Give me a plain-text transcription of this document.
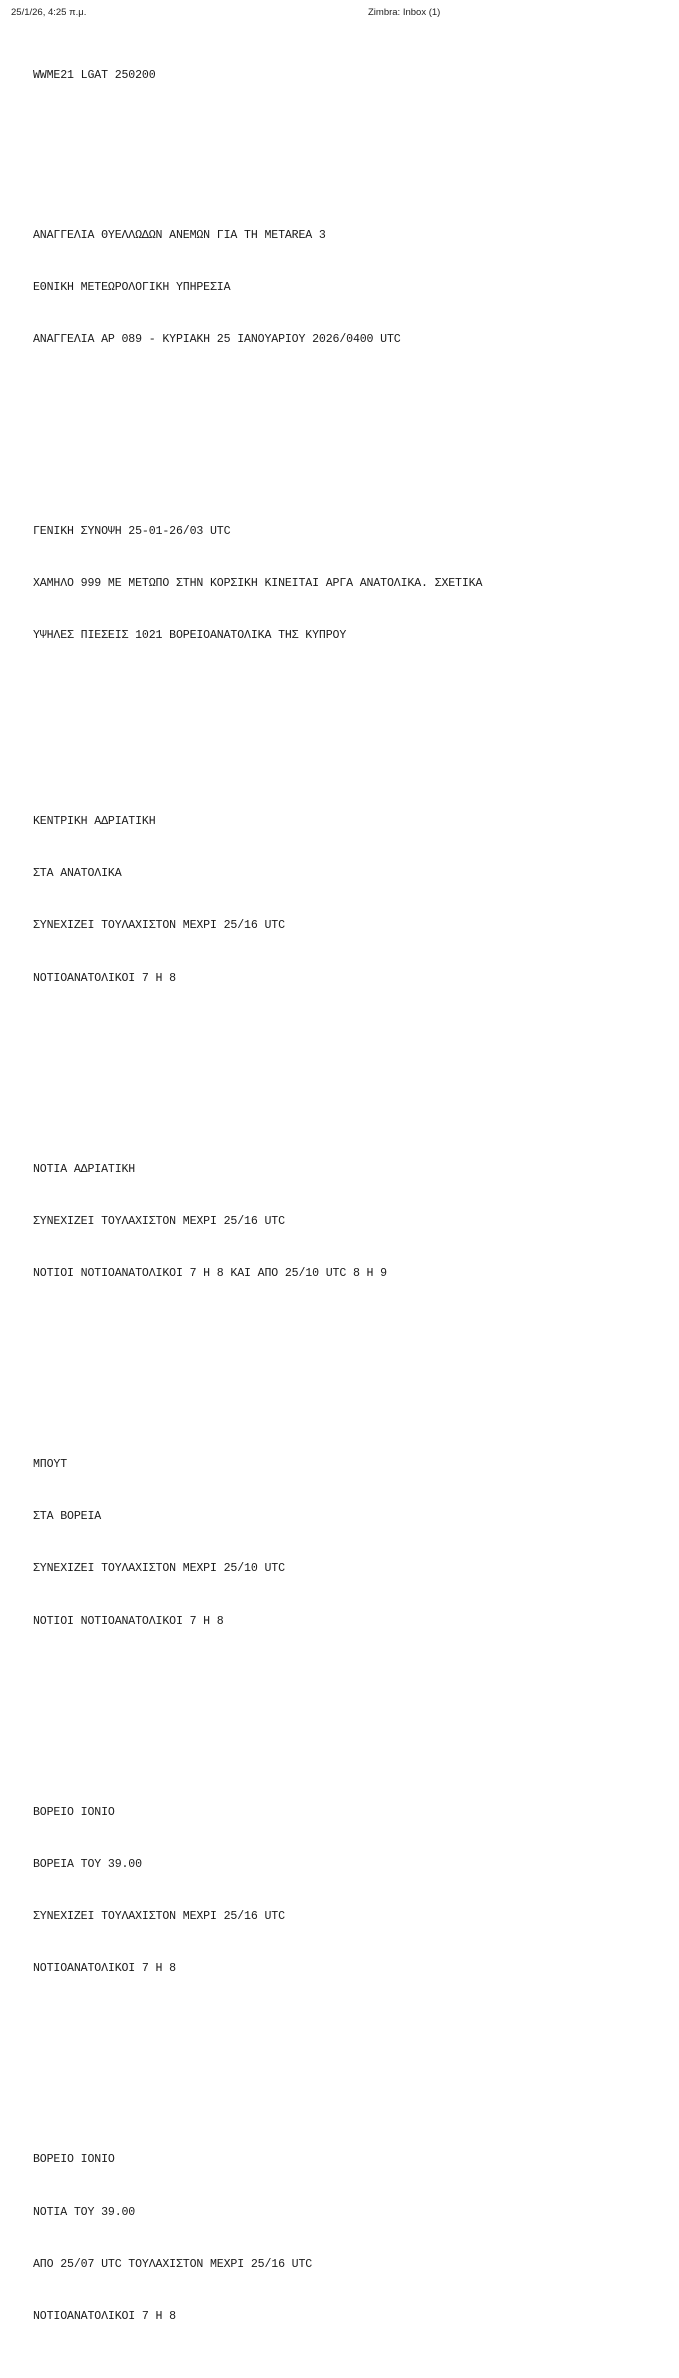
25/1/26, 4:25 π.μ.	Zimbra: Inbox (1)

WWME21 LGAT 250200

ΑΝΑΓΓΕΛΙΑ ΘΥΕΛΛΩΔΩΝ ΑΝΕΜΩΝ ΓΙΑ ΤΗ METAREA 3

ΕΘΝΙΚΗ ΜΕΤΕΩΡΟΛΟΓΙΚΗ ΥΠΗΡΕΣΙΑ

ΑΝΑΓΓΕΛΙΑ ΑΡ 089 - ΚΥΡΙΑΚΗ 25 ΙΑΝΟΥΑΡΙΟΥ 2026/0400 UTC

ΓΕΝΙΚΗ ΣΥΝΟΨΗ 25-01-26/03 UTC

ΧΑΜΗΛΟ 999 ΜΕ ΜΕΤΩΠΟ ΣΤΗΝ ΚΟΡΣΙΚΗ ΚΙΝΕΙΤΑΙ ΑΡΓΑ ΑΝΑΤΟΛΙΚΑ. ΣΧΕΤΙΚΑ

ΥΨΗΛΕΣ ΠΙΕΣΕΙΣ 1021 ΒΟΡΕΙΟΑΝΑΤΟΛΙΚΑ ΤΗΣ ΚΥΠΡΟΥ

ΚΕΝΤΡΙΚΗ ΑΔΡΙΑΤΙΚΗ

ΣΤΑ ΑΝΑΤΟΛΙΚΑ

ΣΥΝΕΧΙΖΕΙ ΤΟΥΛΑΧΙΣΤΟΝ ΜΕΧΡΙ 25/16 UTC

ΝΟΤΙΟΑΝΑΤΟΛΙΚΟΙ 7 Η 8

ΝΟΤΙΑ ΑΔΡΙΑΤΙΚΗ

ΣΥΝΕΧΙΖΕΙ ΤΟΥΛΑΧΙΣΤΟΝ ΜΕΧΡΙ 25/16 UTC

ΝΟΤΙΟΙ ΝΟΤΙΟΑΝΑΤΟΛΙΚΟΙ 7 Η 8 ΚΑΙ ΑΠΟ 25/10 UTC 8 Η 9

ΜΠΟΥΤ

ΣΤΑ ΒΟΡΕΙΑ

ΣΥΝΕΧΙΖΕΙ ΤΟΥΛΑΧΙΣΤΟΝ ΜΕΧΡΙ 25/10 UTC

ΝΟΤΙΟΙ ΝΟΤΙΟΑΝΑΤΟΛΙΚΟΙ 7 Η 8

ΒΟΡΕΙΟ ΙΟΝΙΟ

ΒΟΡΕΙΑ ΤΟΥ 39.00

ΣΥΝΕΧΙΖΕΙ ΤΟΥΛΑΧΙΣΤΟΝ ΜΕΧΡΙ 25/16 UTC

ΝΟΤΙΟΑΝΑΤΟΛΙΚΟΙ 7 Η 8

ΒΟΡΕΙΟ ΙΟΝΙΟ

ΝΟΤΙΑ ΤΟΥ 39.00

ΑΠΟ 25/07 UTC ΤΟΥΛΑΧΙΣΤΟΝ ΜΕΧΡΙ 25/16 UTC

ΝΟΤΙΟΑΝΑΤΟΛΙΚΟΙ 7 Η 8
